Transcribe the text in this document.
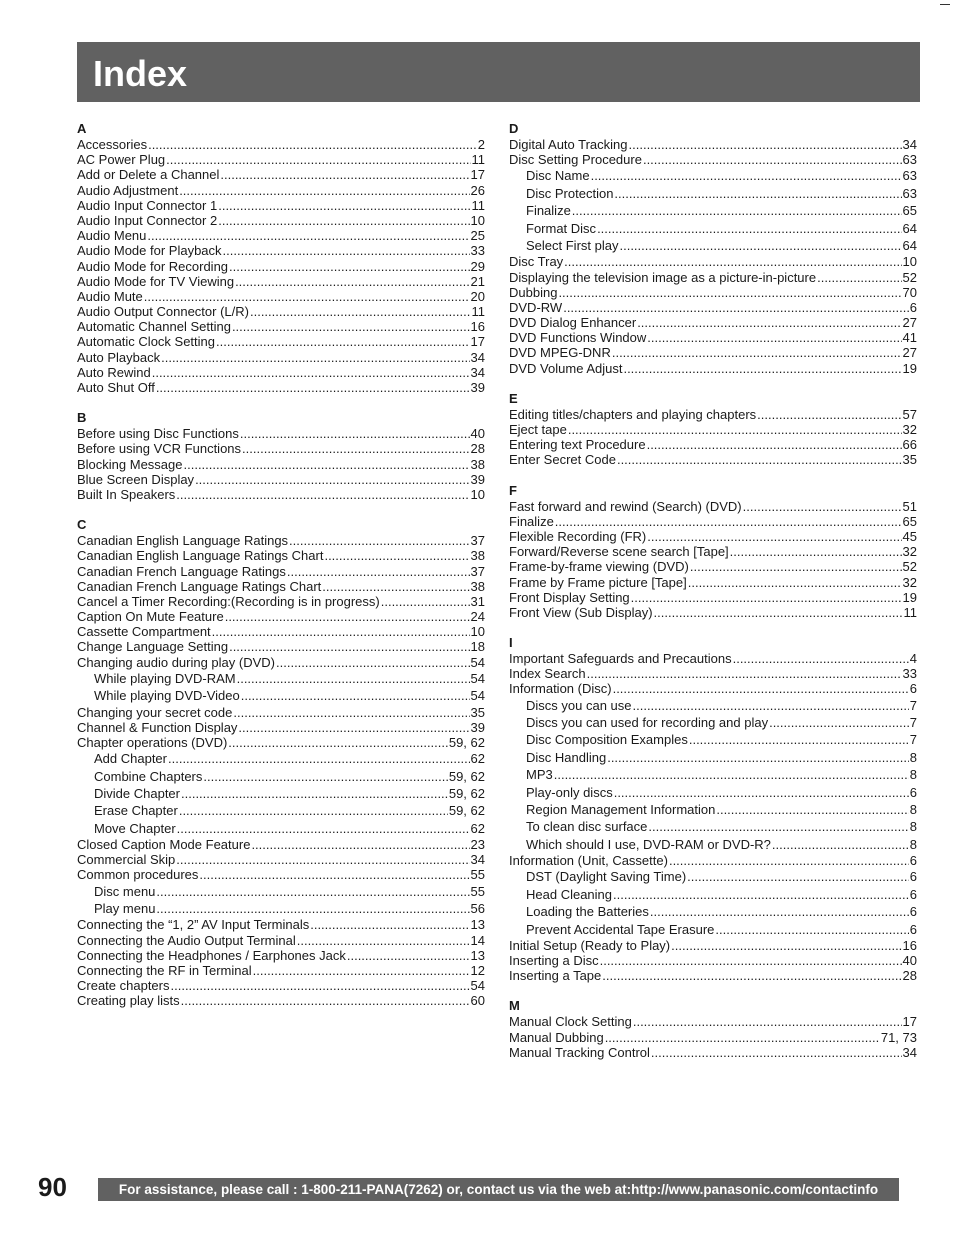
Index
A
Accessories .....	2
AC Power Plug .....	11
Add or Delete a Channel .....	17
Audio Adjustment .....	26
Audio Input Connector 1 .....	11
Audio Input Connector 2 .....	10
Audio Menu .....	25
Audio Mode for Playback .....	33
Audio Mode for Recording .....	29
Audio Mode for TV Viewing .....	21
Audio Mute .....	20
Audio Output Connector (L/R) .....	11
Automatic Channel Setting .....	16
Automatic Clock Setting .....	17
Auto Playback .....	34
Auto Rewind .....	34
Auto Shut Off .....	39
B
Before using Disc Functions .....	40
Before using VCR Functions .....	28
Blocking Message .....	38
Blue Screen Display .....	39
Built In Speakers .....	10
C
Canadian English Language Ratings .....	37
Canadian English Language Ratings Chart .....	38
Canadian French Language Ratings .....	37
Canadian French Language Ratings Chart .....	38
Cancel a Timer Recording:(Recording is in progress) .....	31
Caption On Mute Feature .....	24
Cassette Compartment .....	10
Change Language Setting .....	18
Changing audio during play (DVD) .....	54
While playing DVD-RAM .....	54
While playing DVD-Video .....	54
Changing your secret code .....	35
Channel & Function Display .....	39
Chapter operations (DVD) .....	59, 62
Add Chapter .....	62
Combine Chapters .....	59, 62
Divide Chapter .....	59, 62
Erase Chapter .....	59, 62
Move Chapter .....	62
Closed Caption Mode Feature .....	23
Commercial Skip .....	34
Common procedures .....	55
Disc menu .....	55
Play menu .....	56
Connecting the “1, 2” AV Input Terminals .....	13
Connecting the Audio Output Terminal .....	14
Connecting the Headphones / Earphones Jack .....	13
Connecting the RF in Terminal .....	12
Create chapters .....	54
Creating play lists .....	60
D
Digital Auto Tracking .....	34
Disc Setting Procedure .....	63
Disc Name .....	63
Disc Protection .....	63
Finalize .....	65
Format Disc .....	64
Select First play .....	64
Disc Tray .....	10
Displaying the television image as a picture-in-picture .....	52
Dubbing .....	70
DVD-RW .....	6
DVD Dialog Enhancer .....	27
DVD Functions Window .....	41
DVD MPEG-DNR .....	27
DVD Volume Adjust .....	19
E
Editing titles/chapters and playing chapters .....	57
Eject tape .....	32
Entering text Procedure .....	66
Enter Secret Code .....	35
F
Fast forward and rewind (Search) (DVD) .....	51
Finalize .....	65
Flexible Recording (FR) .....	45
Forward/Reverse scene search [Tape] .....	32
Frame-by-frame viewing (DVD) .....	52
Frame by Frame picture [Tape] .....	32
Front Display Setting .....	19
Front View (Sub Display) .....	11
I
Important Safeguards and Precautions .....	4
Index Search .....	33
Information (Disc) .....	6
Discs you can use .....	7
Discs you can used for recording and play .....	7
Disc Composition Examples .....	7
Disc Handling .....	8
MP3 .....	8
Play-only discs .....	6
Region Management Information .....	8
To clean disc surface .....	8
Which should I use, DVD-RAM or DVD-R? .....	8
Information (Unit, Cassette) .....	6
DST (Daylight Saving Time) .....	6
Head Cleaning .....	6
Loading the Batteries .....	6
Prevent Accidental Tape Erasure .....	6
Initial Setup (Ready to Play) .....	16
Inserting a Disc .....	40
Inserting a Tape .....	28
M
Manual Clock Setting .....	17
Manual Dubbing .....	71, 73
Manual Tracking Control .....	34
90	For assistance, please call : 1-800-211-PANA(7262) or, contact us via the web at:http://www.panasonic.com/contactinfo
